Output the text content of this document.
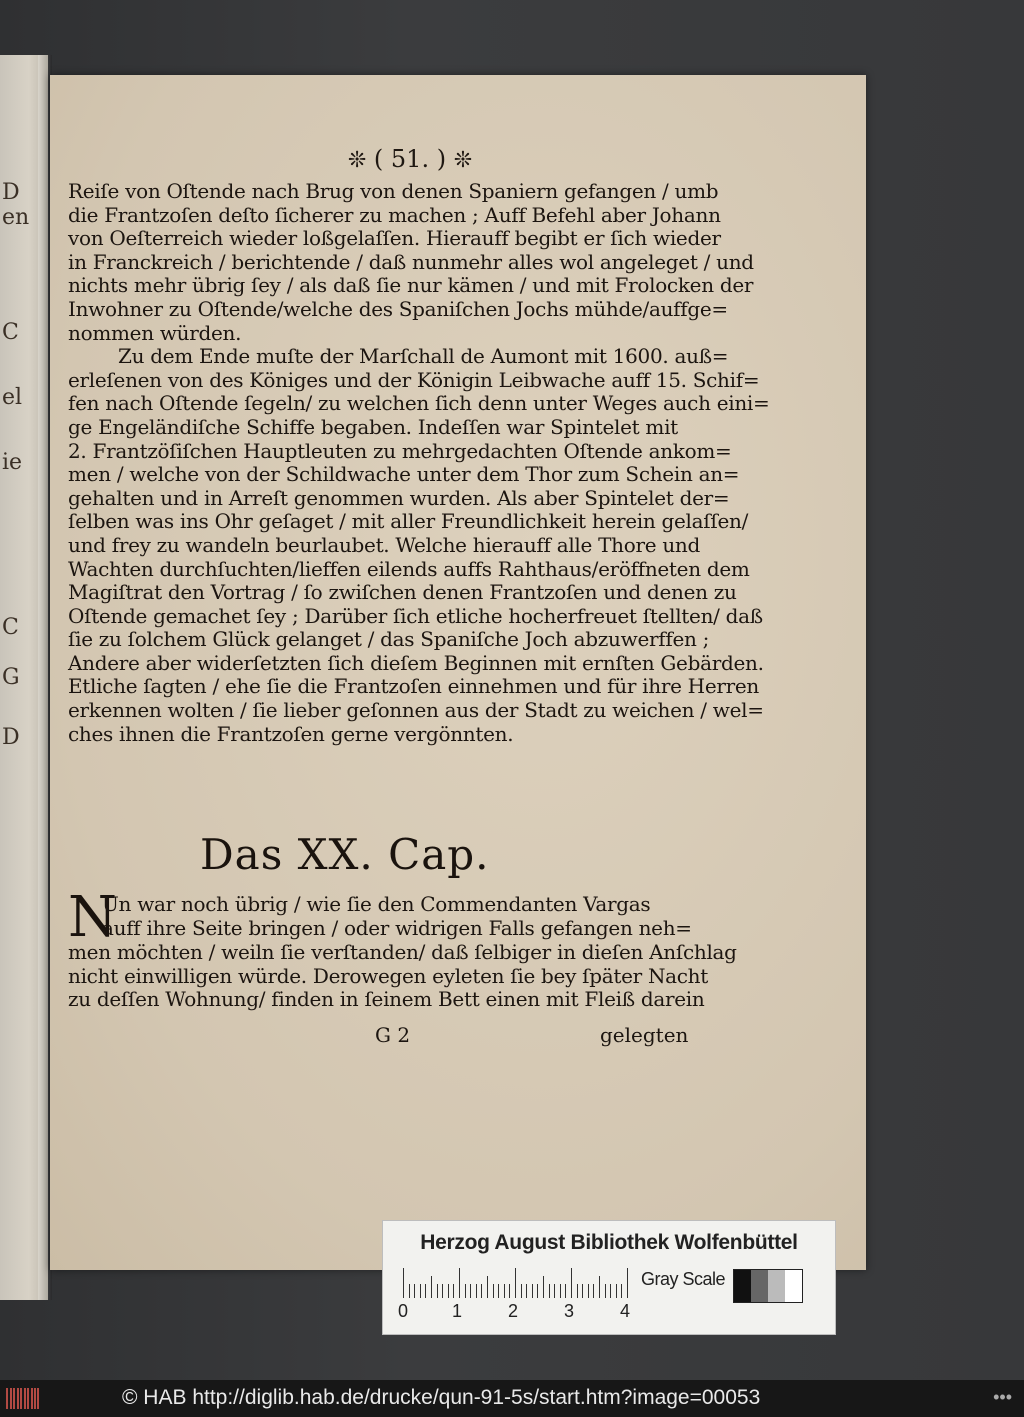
D
en
C
el
ie
C
G
D
❊ ( 51. ) ❊
Reiſe von Oſtende nach Brug von denen Spaniern gefangen / umb
die Frantzoſen deſto ſicherer zu machen ; Auff Befehl aber Johann
von Oeſterreich wieder loßgelaſſen. Hierauff begibt er ſich wieder
in Franckreich / berichtende / daß nunmehr alles wol angeleget / und
nichts mehr übrig ſey / als daß ſie nur kämen / und mit Frolocken der
Inwohner zu Oſtende/welche des Spaniſchen Jochs mühde/auffge=
nommen würden.
Zu dem Ende muſte der Marſchall de Aumont mit 1600. auß=
erleſenen von des Königes und der Königin Leibwache auff 15. Schif=
fen nach Oſtende ſegeln/ zu welchen ſich denn unter Weges auch eini=
ge Engeländiſche Schiffe begaben. Indeſſen war Spintelet mit
2. Frantzöſiſchen Hauptleuten zu mehrgedachten Oſtende ankom=
men / welche von der Schildwache unter dem Thor zum Schein an=
gehalten und in Arreſt genommen wurden. Als aber Spintelet der=
ſelben was ins Ohr geſaget / mit aller Freundlichkeit herein gelaſſen/
und frey zu wandeln beurlaubet. Welche hierauff alle Thore und
Wachten durchſuchten/lieffen eilends auffs Rahthaus/eröffneten dem
Magiſtrat den Vortrag / ſo zwiſchen denen Frantzoſen und denen zu
Oſtende gemachet ſey ; Darüber ſich etliche hocherfreuet ſtellten/ daß
ſie zu ſolchem Glück gelanget / das Spaniſche Joch abzuwerffen ;
Andere aber widerſetzten ſich dieſem Beginnen mit ernſten Gebärden.
Etliche ſagten / ehe ſie die Frantzoſen einnehmen und für ihre Herren
erkennen wolten / ſie lieber geſonnen aus der Stadt zu weichen / wel=
ches ihnen die Frantzoſen gerne vergönnten.
Das XX. Cap.
N
Un war noch übrig / wie ſie den Commendanten Vargas
auff ihre Seite bringen / oder widrigen Falls gefangen neh=
men möchten / weiln ſie verſtanden/ daß ſelbiger in dieſen Anſchlag
nicht einwilligen würde. Derowegen eyleten ſie bey ſpäter Nacht
zu deſſen Wohnung/ finden in ſeinem Bett einen mit Fleiß darein
G 2	gelegten
Herzog August Bibliothek Wolfenbüttel
0 1	2	3	4
Gray Scale
© HAB http://diglib.hab.de/drucke/qun-91-5s/start.htm?image=00053	•••
